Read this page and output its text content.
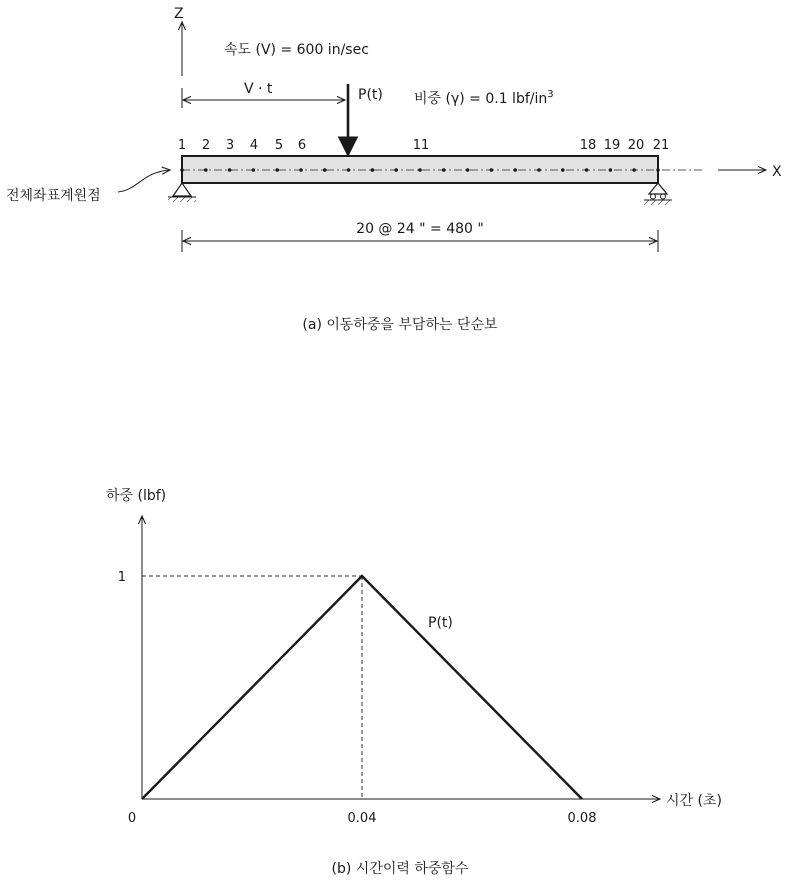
Z
속도 (V) = 600 in/sec
V · t	P(t) 비중 (γ) = 0.1 lbf/$in^3$
1 2 3 4 5 6	11	18 19 20 21
X
전체좌표계원점
20 @ 24 " = 480 "
(a) 이동하중을 부담하는 단순보
하중 (lbf)
시간 (초)
P(t)
0	0.04	0.08
1
(b) 시간이력 하중함수
